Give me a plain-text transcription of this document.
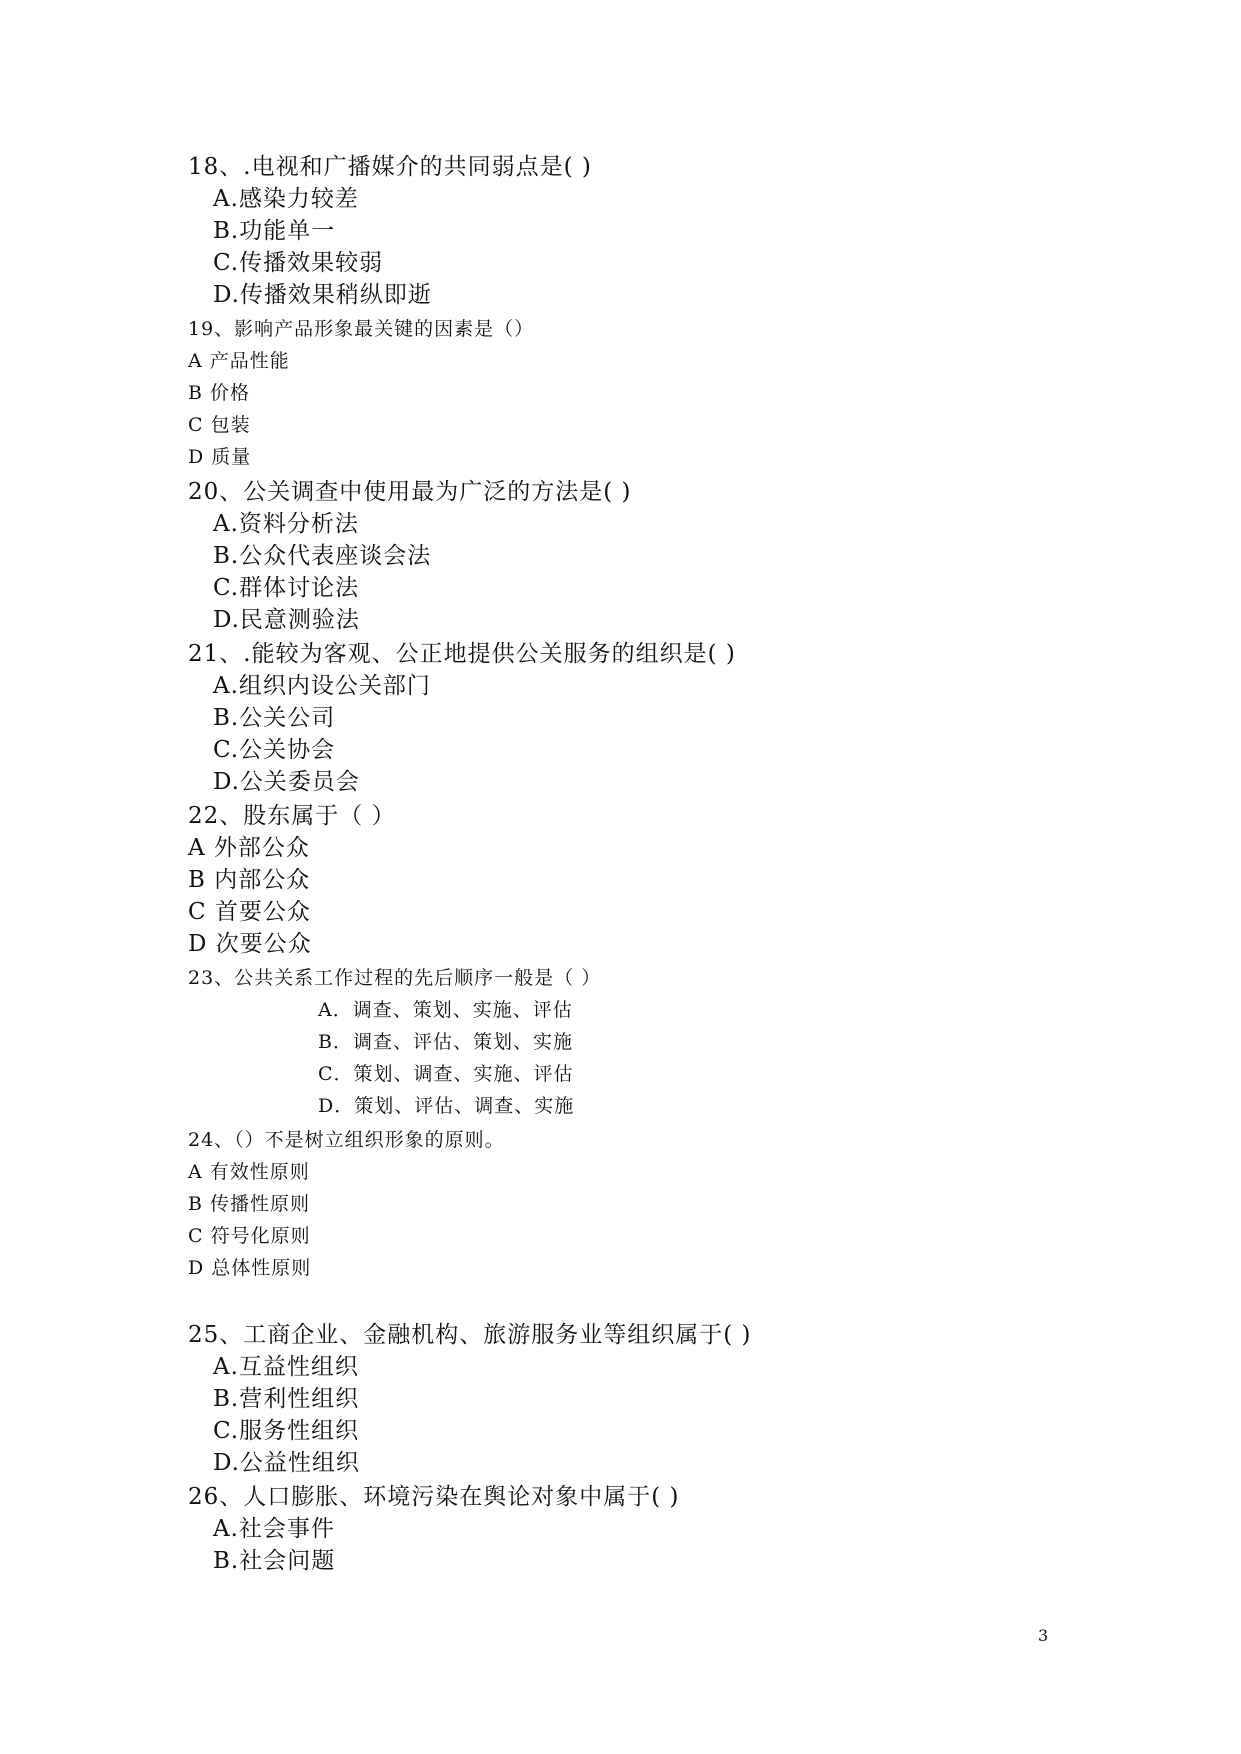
18、.电视和广播媒介的共同弱点是( )
A.感染力较差
B.功能单一
C.传播效果较弱
D.传播效果稍纵即逝
19、影响产品形象最关键的因素是（）
A 产品性能
B 价格
C 包装
D 质量
20、公关调查中使用最为广泛的方法是( )
A.资料分析法
B.公众代表座谈会法
C.群体讨论法
D.民意测验法
21、.能较为客观、公正地提供公关服务的组织是( )
A.组织内设公关部门
B.公关公司
C.公关协会
D.公关委员会
22、股东属于（ ）
A 外部公众
B 内部公众
C 首要公众
D 次要公众
23、公共关系工作过程的先后顺序一般是（ ）
A．调查、策划、实施、评估
B．调查、评估、策划、实施
C．策划、调查、实施、评估
D．策划、评估、调查、实施
24、（）不是树立组织形象的原则。
A 有效性原则
B 传播性原则
C 符号化原则
D 总体性原则
25、工商企业、金融机构、旅游服务业等组织属于( )
A.互益性组织
B.营利性组织
C.服务性组织
D.公益性组织
26、人口膨胀、环境污染在舆论对象中属于( )
A.社会事件
B.社会问题
3
